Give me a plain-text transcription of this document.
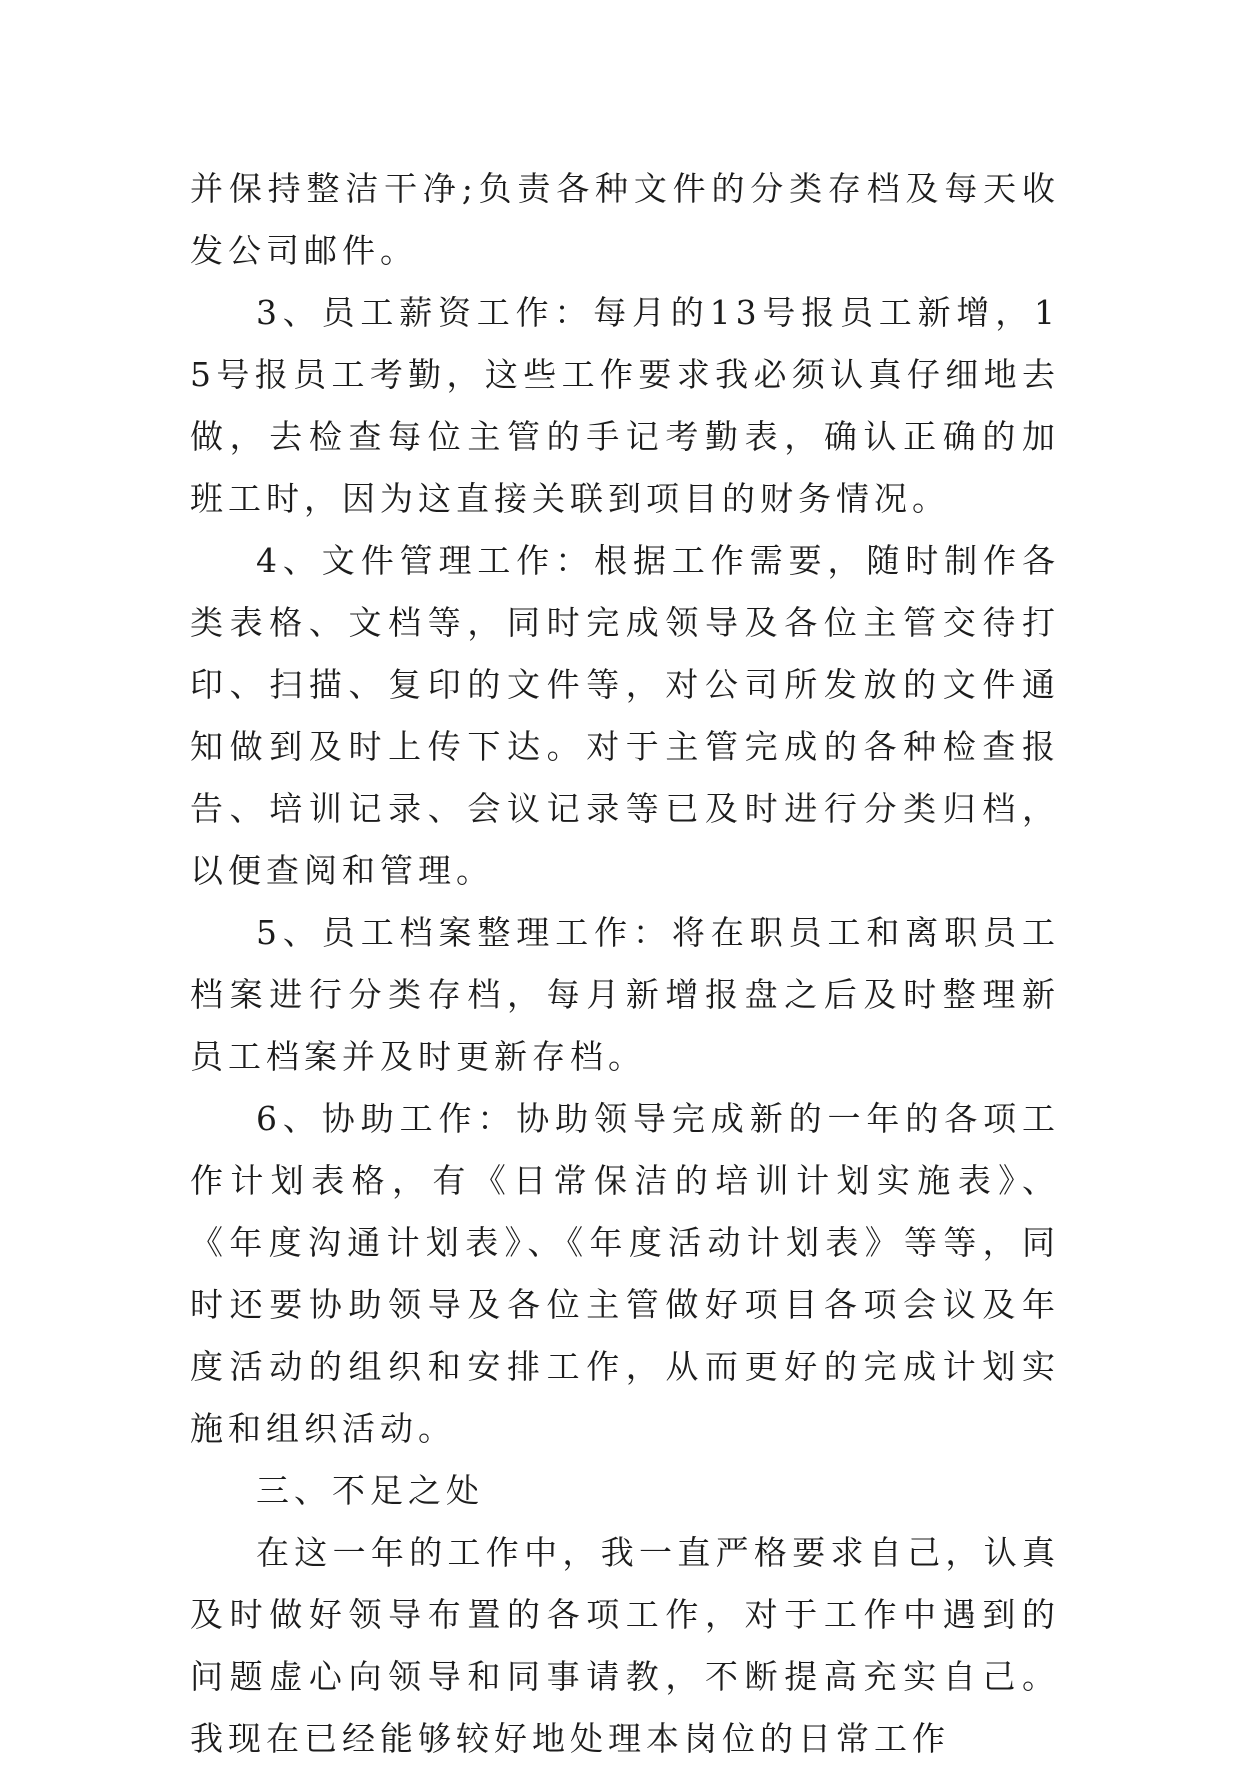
并保持整洁干净;负责各种文件的分类存档及每天收发公司邮件。

3、员工薪资工作：每月的13号报员工新增，15号报员工考勤，这些工作要求我必须认真仔细地去做，去检查每位主管的手记考勤表，确认正确的加班工时，因为这直接关联到项目的财务情况。

4、文件管理工作：根据工作需要，随时制作各类表格、文档等，同时完成领导及各位主管交待打印、扫描、复印的文件等，对公司所发放的文件通知做到及时上传下达。对于主管完成的各种检查报告、培训记录、会议记录等已及时进行分类归档，以便查阅和管理。

5、员工档案整理工作：将在职员工和离职员工档案进行分类存档，每月新增报盘之后及时整理新员工档案并及时更新存档。

6、协助工作：协助领导完成新的一年的各项工作计划表格，有《日常保洁的培训计划实施表》、《年度沟通计划表》、《年度活动计划表》等等，同时还要协助领导及各位主管做好项目各项会议及年度活动的组织和安排工作，从而更好的完成计划实施和组织活动。

三、不足之处

在这一年的工作中，我一直严格要求自己，认真及时做好领导布置的各项工作，对于工作中遇到的问题虚心向领导和同事请教，不断提高充实自己。我现在已经能够较好地处理本岗位的日常工作
